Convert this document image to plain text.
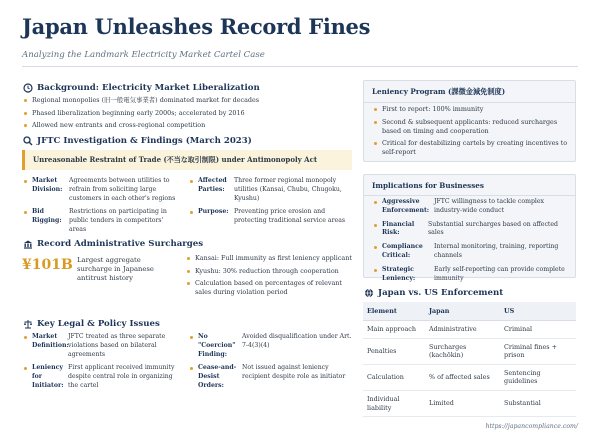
Japan Unleashes Record Fines
Analyzing the Landmark Electricity Market Cartel Case
Background: Electricity Market Liberalization
Regional monopolies (旧一般電気事業者) dominated market for decades
Phased liberalization beginning early 2000s; accelerated by 2016
Allowed new entrants and cross-regional competition
JFTC Investigation & Findings (March 2023)
Unreasonable Restraint of Trade (不当な取引制限) under Antimonopoly Act
Market Division:
Agreements between utilities to refrain from soliciting large customers in each other's regions
Bid Rigging:
Restrictions on participating in public tenders in competitors' areas
Affected Parties:
Three former regional monopoly utilities (Kansai, Chubu, Chugoku, Kyushu)
Purpose: Preventing price erosion and protecting traditional service areas
Record Administrative Surcharges
¥101B Largest aggregate surcharge in Japanese antitrust history
Kansai: Full immunity as first leniency applicant
Kyushu: 30% reduction through cooperation
Calculation based on percentages of relevant sales during violation period
Key Legal & Policy Issues
Market Definition:
JFTC treated as three separate violations based on bilateral agreements
Leniency for Initiator:
First applicant received immunity despite central role in organizing the cartel
No "Coercion" Finding:
Avoided disqualification under Art. 7-4(3)(4)
Cease-and-Desist Orders:
Not issued against leniency recipient despite role as initiator
Leniency Program (課徴金減免制度)
First to report: 100% immunity
Second & subsequent applicants: reduced surcharges based on timing and cooperation
Critical for destabilizing cartels by creating incentives to self-report
Implications for Businesses
Aggressive Enforcement:
JFTC willingness to tackle complex industry-wide conduct
Financial Risk:
Substantial surcharges based on affected sales
Compliance Critical:
Internal monitoring, training, reporting channels
Strategic Leniency:
Early self-reporting can provide complete immunity
Japan vs. US Enforcement
Element	Japan	US
Main approach	Administrative	Criminal
Penalties	Surcharges (kachōkin)	Criminal fines + prison
Calculation	% of affected sales	Sentencing guidelines
Individual liability	Limited	Substantial
https://japancompliance.com/
